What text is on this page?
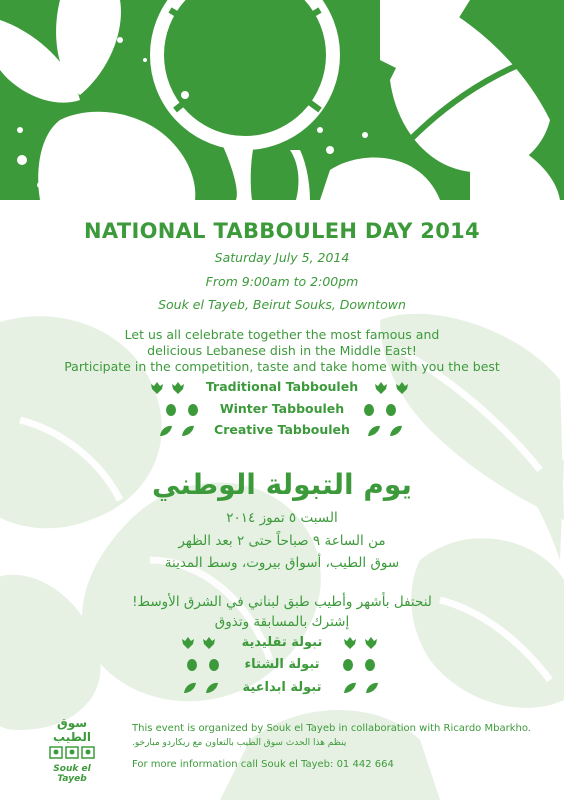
NATIONAL TABBOULEH DAY 2014
Saturday July 5, 2014
From 9:00am to 2:00pm
Souk el Tayeb, Beirut Souks, Downtown
Let us all celebrate together the most famous and
delicious Lebanese dish in the Middle East!
Participate in the competition, taste and take home with you the best
Traditional Tabbouleh
Winter Tabbouleh
Creative Tabbouleh
يوم التبولة الوطني
السبت ٥ تموز ٢٠١٤
من الساعة ٩ صباحاً حتى ٢ بعد الظهر
سوق الطيب، أسواق بيروت، وسط المدينة
لنحتفل بأشهر وأطيب طبق لبناني في الشرق الأوسط!
إشترك بالمسابقة وتذوق
تبولة تقليدية
تبولة الشتاء
تبولة ابداعية
سوق الطيب
Souk el Tayeb
This event is organized by Souk el Tayeb in collaboration with Ricardo Mbarkho.
ينظم هذا الحدث سوق الطيب بالتعاون مع ريكاردو مبارخو.
For more information call Souk el Tayeb: 01 442 664
